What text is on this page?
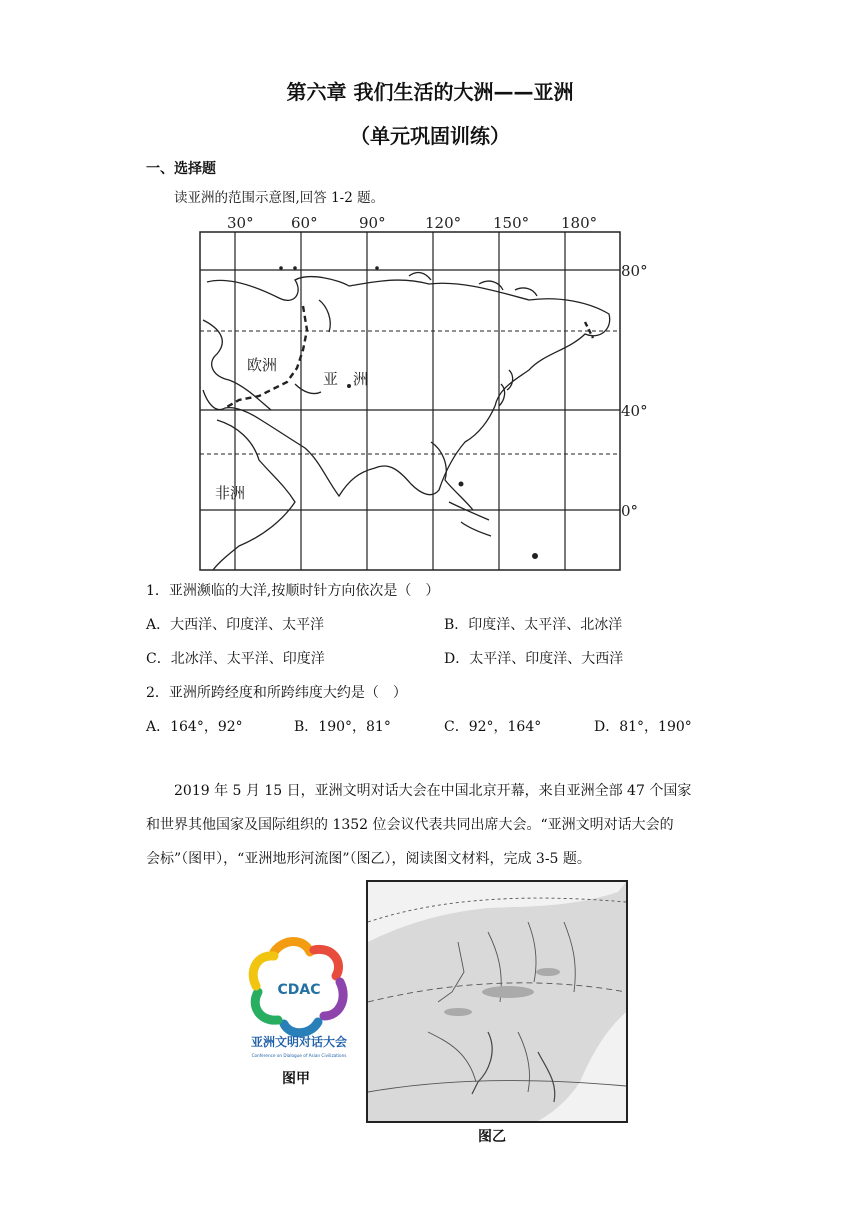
第六章 我们生活的大洲——亚洲
（单元巩固训练）
一、选择题
读亚洲的范围示意图,回答 1-2 题。
30° 60°	90°	120° 150° 180°
80°
40°
0°
欧洲
亚　洲
非洲
1．亚洲濒临的大洋,按顺时针方向依次是（　）
A．大西洋、印度洋、太平洋	B．印度洋、太平洋、北冰洋
C．北冰洋、太平洋、印度洋	D．太平洋、印度洋、大西洋
2．亚洲所跨经度和所跨纬度大约是（　）
A．164°，92°	B．190°，81°	C．92°，164°	D．81°，190°

2019 年 5 月 15 日，亚洲文明对话大会在中国北京开幕，来自亚洲全部 47 个国家

和世界其他国家及国际组织的 1352 位会议代表共同出席大会。“亚洲文明对话大会的

会标”（图甲），“亚洲地形河流图”（图乙），阅读图文材料，完成 3-5 题。

CDAC
亚洲文明对话大会
Conference on Dialogue of Asian Civilizations
图甲
图乙
